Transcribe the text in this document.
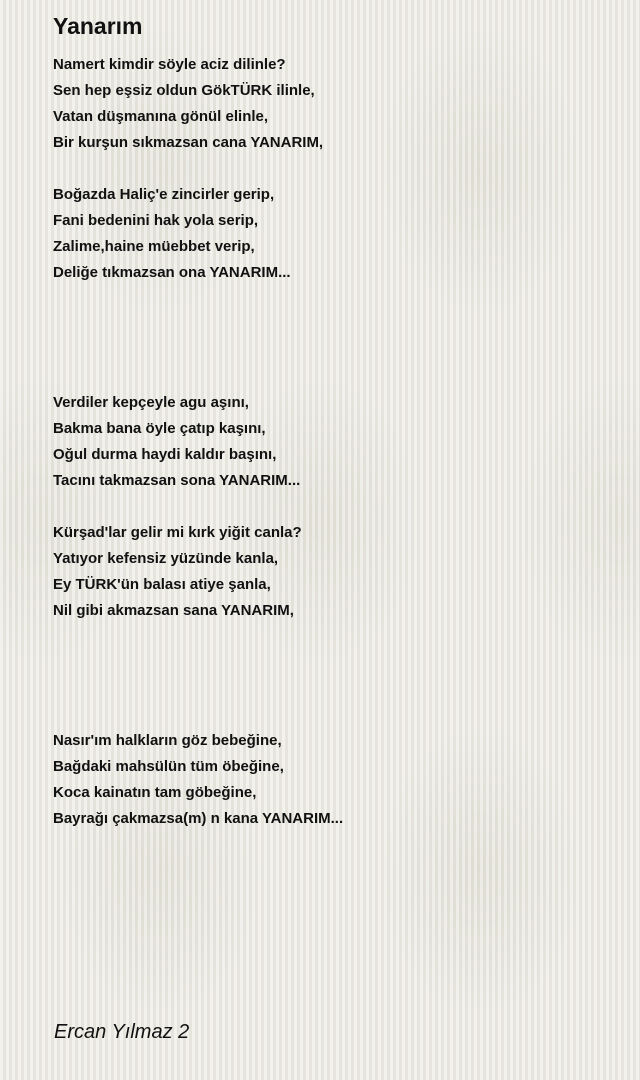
Yanarım
Namert kimdir söyle aciz dilinle?
Sen hep eşsiz oldun GökTÜRK ilinle,
Vatan düşmanına gönül elinle,
Bir kurşun sıkmazsan cana YANARIM,
Boğazda Haliç'e zincirler gerip,
Fani bedenini hak yola serip,
Zalime,haine müebbet verip,
Deliğe tıkmazsan ona YANARIM...
Verdiler kepçeyle agu aşını,
Bakma bana öyle çatıp kaşını,
Oğul durma haydi kaldır başını,
Tacını takmazsan sona YANARIM...
Kürşad'lar gelir mi kırk yiğit canla?
Yatıyor kefensiz yüzünde kanla,
Ey TÜRK'ün balası atiye şanla,
Nil gibi akmazsan sana YANARIM,
Nasır'ım halkların göz bebeğine,
Bağdaki mahsülün tüm öbeğine,
Koca kainatın tam göbeğine,
Bayrağı çakmazsa(m) n kana YANARIM...
Ercan Yılmaz 2
